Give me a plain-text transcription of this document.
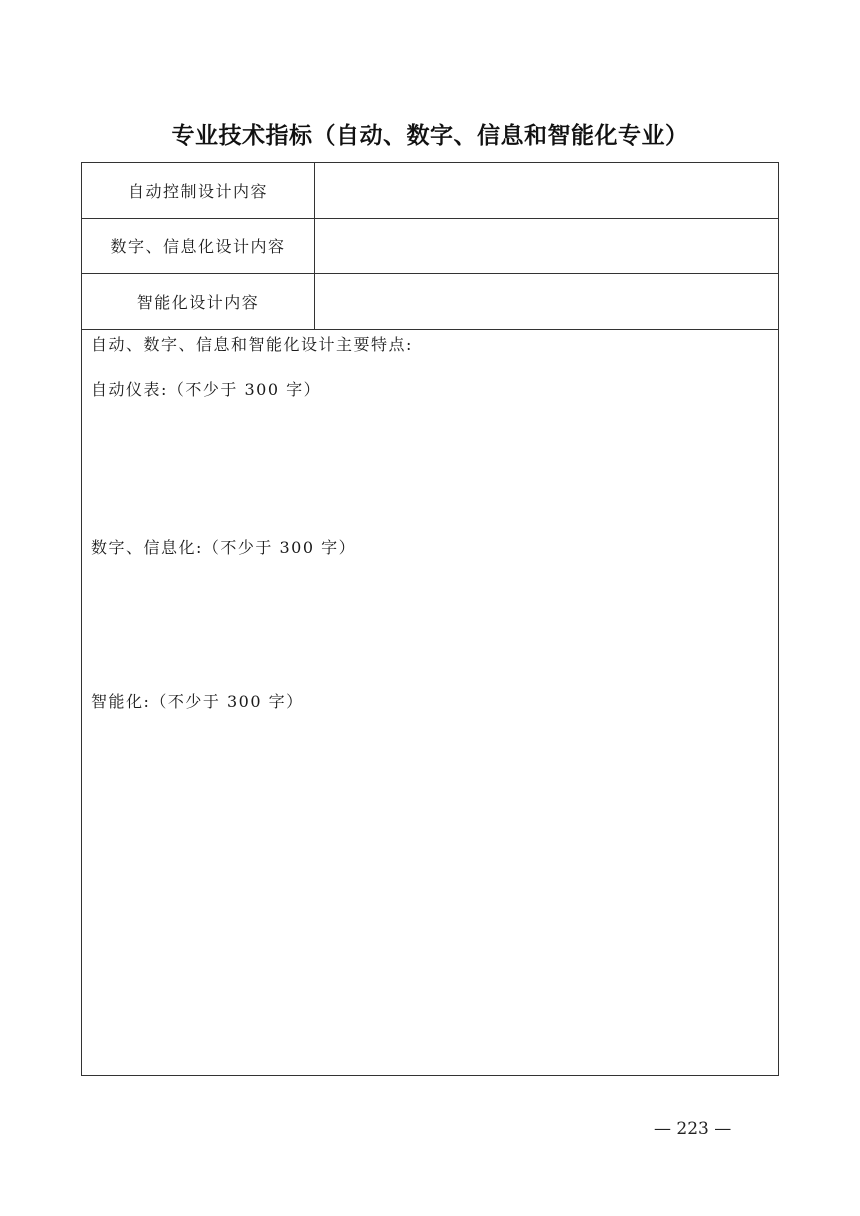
专业技术指标（自动、数字、信息和智能化专业）
自动控制设计内容
数字、信息化设计内容
智能化设计内容
自动、数字、信息和智能化设计主要特点:
自动仪表:（不少于 300 字）
数字、信息化:（不少于 300 字）
智能化:（不少于 300 字）
— 223 —
